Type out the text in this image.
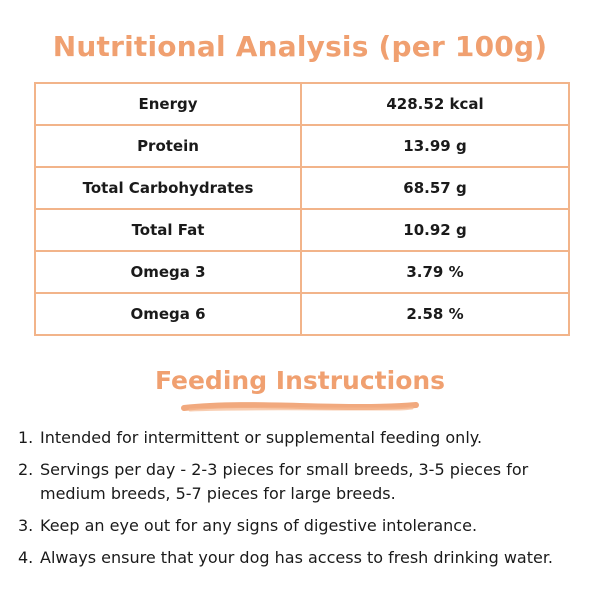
Nutritional Analysis (per 100g)
Energy	428.52 kcal
Protein	13.99 g
Total Carbohydrates	68.57 g
Total Fat	10.92 g
Omega 3	3.79 %
Omega 6	2.58 %
Feeding Instructions
1. Intended for intermittent or supplemental feeding only.
2. Servings per day - 2-3 pieces for small breeds, 3-5 pieces for medium breeds, 5-7 pieces for large breeds.
3. Keep an eye out for any signs of digestive intolerance.
4. Always ensure that your dog has access to fresh drinking water.
